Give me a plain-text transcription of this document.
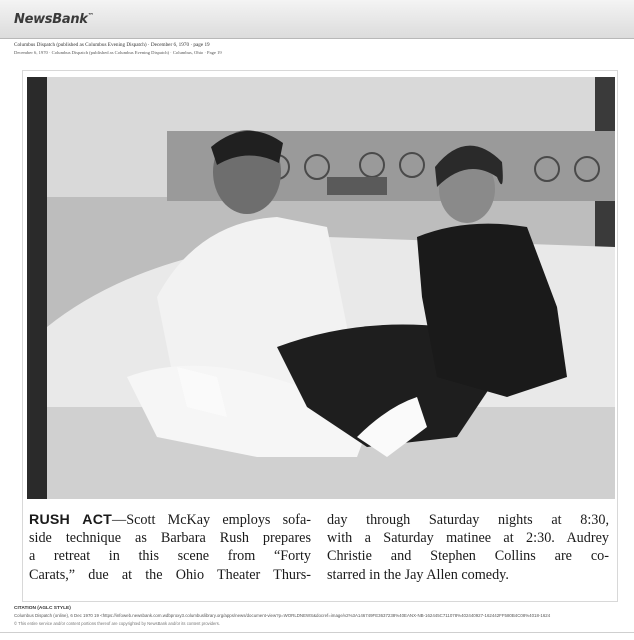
NewsBank™
Columbus Dispatch (published as Columbus Evening Dispatch) · December 6, 1970 · page 19
December 6, 1970 · Columbus Dispatch (published as Columbus Evening Dispatch) · Columbus, Ohio · Page 19
RUSH ACT—Scott McKay employs sofa-
side technique as Barbara Rush prepares
a retreat in this scene from “Forty
Carats,” due at the Ohio Theater Thurs-
day through Saturday nights at 8:30,
with a Saturday matinee at 2:30. Audrey
Christie and Stephen Collins are co-
starred in the Jay Allen comedy.
CITATION (AGLC STYLE)
Columbus Dispatch (online), 6 Dec 1970 19 <https://infoweb.newsbank.com.wdbproxy3.columbuslibrary.org/apps/news/document-view?p=WORLDNEWS&docref=image/v2%3A146749FE3637238%40EANX-NB-162445C711078%402440927-162442FF580B4C08%4018-1624
© This entire service and/or content portions thereof are copyrighted by NewsBank and/or its content providers.
